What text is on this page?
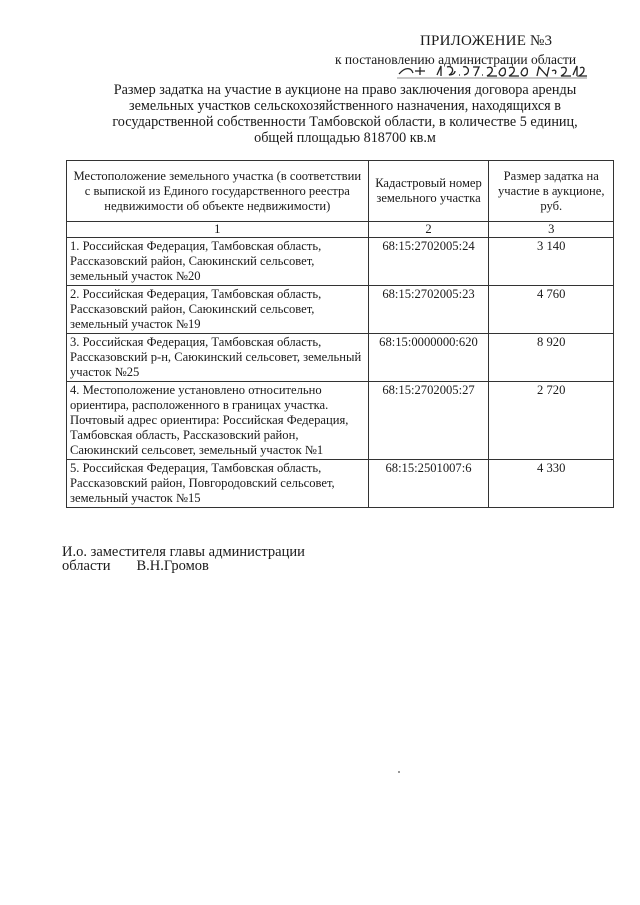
ПРИЛОЖЕНИЕ №3
к постановлению администрации области
Размер задатка на участие в аукционе на право заключения договора аренды
земельных участков сельскохозяйственного назначения, находящихся в
государственной собственности Тамбовской области, в количестве 5 единиц,
общей площадью 818700 кв.м
Местоположение земельного участка (в соответствии с выпиской из Единого государственного реестра недвижимости об объекте недвижимости)	Кадастровый номер земельного участка	Размер задатка на участие в аукционе, руб.
1	2	3
1. Российская Федерация, Тамбовская область, Рассказовский район, Саюкинский сельсовет, земельный участок №20	68:15:2702005:24	3 140
2. Российская Федерация, Тамбовская область, Рассказовский район, Саюкинский сельсовет, земельный участок №19	68:15:2702005:23	4 760
3. Российская Федерация, Тамбовская область, Рассказовский р-н, Саюкинский сельсовет, земельный участок №25	68:15:0000000:620	8 920
4. Местоположение установлено относительно ориентира, расположенного в границах участка. Почтовый адрес ориентира: Российская Федерация, Тамбовская область, Рассказовский район, Саюкинский сельсовет, земельный участок №1	68:15:2702005:27	2 720
5. Российская Федерация, Тамбовская область, Рассказовский район, Повгородовский сельсовет, земельный участок №15	68:15:2501007:6	4 330
И.о. заместителя главы администрации
области В.Н.Громов
